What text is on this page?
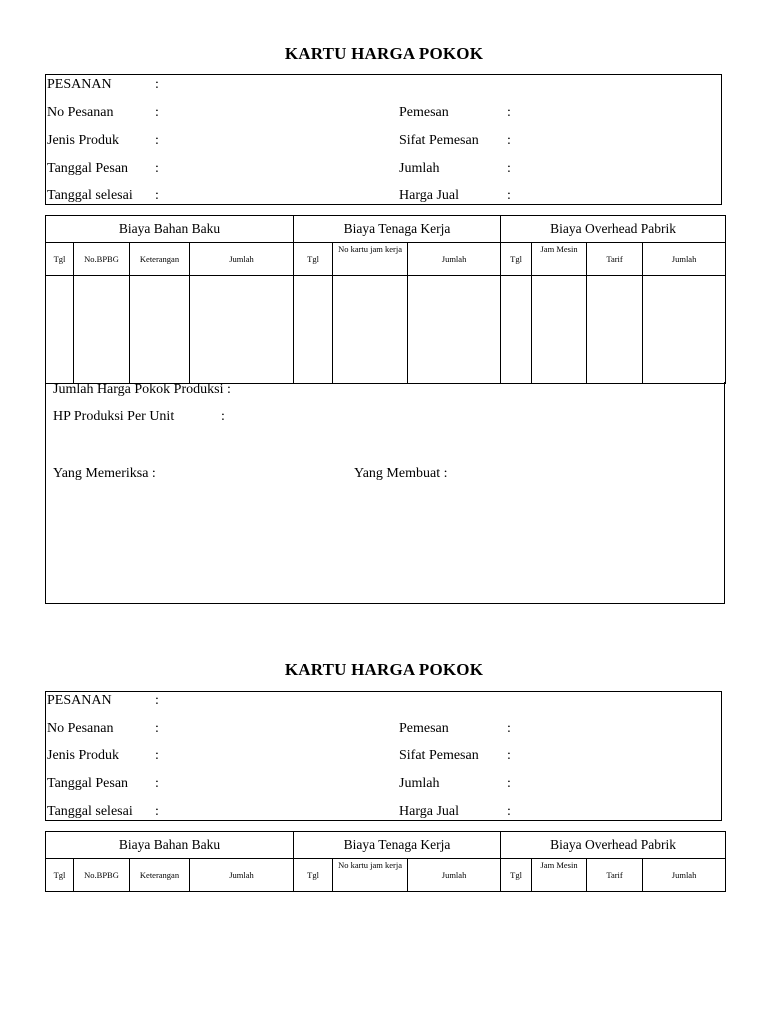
KARTU HARGA POKOK
PESANAN	:
No Pesanan	:	Pemesan	:
Jenis Produk	:	Sifat Pemesan :
Tanggal Pesan :	Jumlah	:
Tanggal selesai :	Harga Jual	:
Biaya Bahan Baku				Biaya Tenaga Kerja			Biaya Overhead Pabrik			
Tgl	No.BPBG	Keterangan	Jumlah	Tgl	No kartu jam kerja	Jumlah	Tgl	Jam Mesin	Tarif	Jumlah

Jumlah Harga Pokok Produksi :
HP Produksi Per Unit	:
Yang Memeriksa :	Yang Membuat :
KARTU HARGA POKOK
PESANAN	:
No Pesanan	:	Pemesan	:
Jenis Produk	:	Sifat Pemesan :
Tanggal Pesan :	Jumlah	:
Tanggal selesai :	Harga Jual	:
Biaya Bahan Baku				Biaya Tenaga Kerja			Biaya Overhead Pabrik			
Tgl	No.BPBG	Keterangan	Jumlah	Tgl	No kartu jam kerja	Jumlah	Tgl	Jam Mesin	Tarif	Jumlah
